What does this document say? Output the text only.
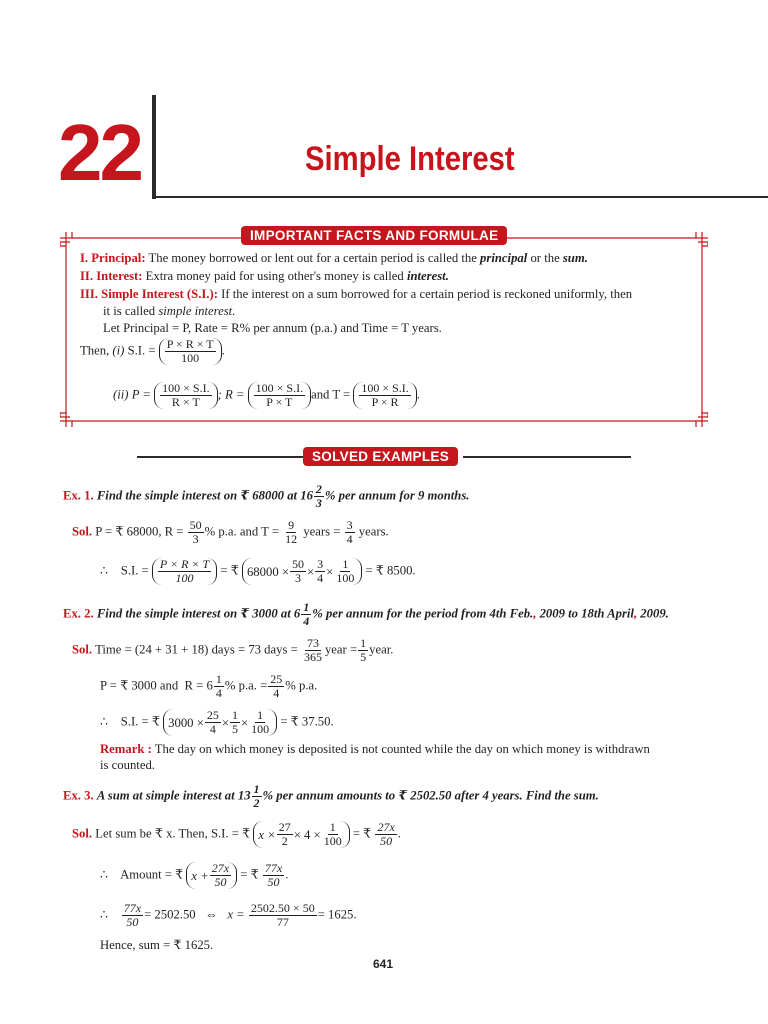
22	Simple Interest
IMPORTANT FACTS AND FORMULAE
I. Principal: The money borrowed or lent out for a certain period is called the principal or the sum.
II. Interest: Extra money paid for using other's money is called interest.
III. Simple Interest (S.I.): If the interest on a sum borrowed for a certain period is reckoned uniformly, then
it is called simple interest.
Let Principal = P, Rate = R% per annum (p.a.) and Time = T years.
Then, (i) S.I. = $\frac{P \times R \times T}{100}$ .
(ii) $P = \frac{100 \times S.I.}{R \times T}$ ; $R = \frac{100 \times S.I.}{P \times T}$ and $T = \frac{100 \times S.I.}{P \times R}$ .
SOLVED EXAMPLES
Ex. 1. Find the simple interest on ₹ 68000 at $16 \frac{2}{3}$ % per annum for 9 months.
Sol. P = ₹ 68000, $R = \frac{50}{3}$ % p.a. and $T = \frac{9}{12}$ years = $\frac{3}{4}$ years.
∴ S.I. = $\frac{P \times R \times T}{100}$ = ₹ $68000 \times \frac{50}{3} \times \frac{3}{4} \times \frac{1}{100}$ = ₹ 8500.
Ex. 2. Find the simple interest on ₹ 3000 at $6 \frac{1}{4}$ % per annum for the period from 4th Feb., 2009 to 18th April, 2009.
Sol. Time = (24 + 31 + 18) days = 73 days = $\frac{73}{365}$ year = $\frac{1}{5}$ year.
P = ₹ 3000 and $R = 6 \frac{1}{4}$ % p.a. = $\frac{25}{4}$ % p.a.
∴ S.I. = ₹ $3000 \times \frac{25}{4} \times \frac{1}{5} \times \frac{1}{100}$ = ₹ 37.50.
Remark : The day on which money is deposited is not counted while the day on which money is withdrawn
is counted.
Ex. 3. A sum at simple interest at $13 \frac{1}{2}$ % per annum amounts to ₹ 2502.50 after 4 years. Find the sum.
Sol. Let sum be ₹ x. Then, S.I. = ₹ $x \times \frac{27}{2} \times 4 \times \frac{1}{100}$ = ₹ $\frac{27x}{50}$ .
∴ Amount = ₹ $x + \frac{27x}{50}$ = ₹ $\frac{77x}{50}$ .
∴ $\frac{77x}{50} = 2502.50$ ⇔ $x = \frac{2502.50 \times 50}{77} = 1625$.
Hence, sum = ₹ 1625.
641
